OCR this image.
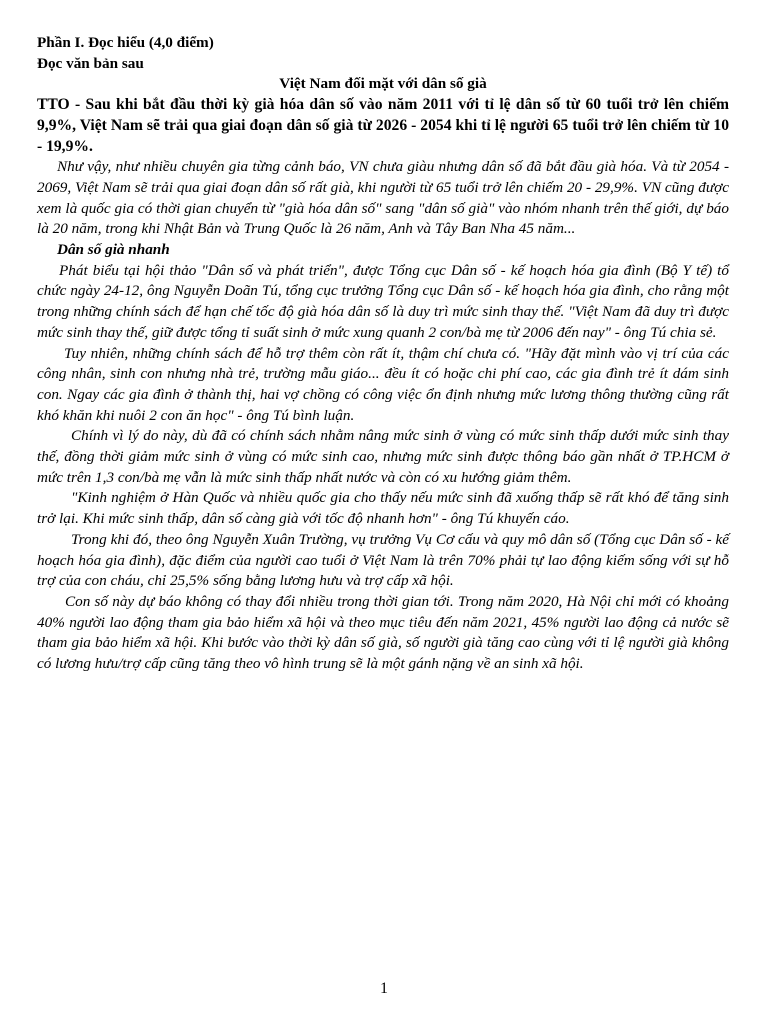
Phần I. Đọc hiểu (4,0 điểm)

Đọc văn bản sau

Việt Nam đối mặt với dân số già

TTO - Sau khi bắt đầu thời kỳ già hóa dân số vào năm 2011 với tỉ lệ dân số từ 60 tuổi trở lên chiếm 9,9%, Việt Nam sẽ trải qua giai đoạn dân số già từ 2026 - 2054 khi tỉ lệ người 65 tuổi trở lên chiếm từ 10 - 19,9%.

Như vậy, như nhiều chuyên gia từng cảnh báo, VN chưa giàu nhưng dân số đã bắt đầu già hóa. Và từ 2054 - 2069, Việt Nam sẽ trải qua giai đoạn dân số rất già, khi người từ 65 tuổi trở lên chiếm 20 - 29,9%. VN cũng được xem là quốc gia có thời gian chuyển từ "già hóa dân số" sang "dân số già" vào nhóm nhanh trên thế giới, dự báo là 20 năm, trong khi Nhật Bản và Trung Quốc là 26 năm, Anh và Tây Ban Nha 45 năm...

Dân số già nhanh

Phát biểu tại hội thảo "Dân số và phát triển", được Tổng cục Dân số - kế hoạch hóa gia đình (Bộ Y tế) tổ chức ngày 24-12, ông Nguyễn Doãn Tú, tổng cục trưởng Tổng cục Dân số - kế hoạch hóa gia đình, cho rằng một trong những chính sách để hạn chế tốc độ già hóa dân số là duy trì mức sinh thay thế. "Việt Nam đã duy trì được mức sinh thay thế, giữ được tổng tỉ suất sinh ở mức xung quanh 2 con/bà mẹ từ 2006 đến nay" - ông Tú chia sẻ.

Tuy nhiên, những chính sách để hỗ trợ thêm còn rất ít, thậm chí chưa có. "Hãy đặt mình vào vị trí của các công nhân, sinh con nhưng nhà trẻ, trường mẫu giáo... đều ít có hoặc chi phí cao, các gia đình trẻ ít dám sinh con. Ngay các gia đình ở thành thị, hai vợ chồng có công việc ổn định nhưng mức lương thông thường cũng rất khó khăn khi nuôi 2 con ăn học" - ông Tú bình luận.

Chính vì lý do này, dù đã có chính sách nhằm nâng mức sinh ở vùng có mức sinh thấp dưới mức sinh thay thế, đồng thời giảm mức sinh ở vùng có mức sinh cao, nhưng mức sinh được thông báo gần nhất ở TP.HCM ở mức trên 1,3 con/bà mẹ vẫn là mức sinh thấp nhất nước và còn có xu hướng giảm thêm.

"Kinh nghiệm ở Hàn Quốc và nhiều quốc gia cho thấy nếu mức sinh đã xuống thấp sẽ rất khó để tăng sinh trở lại. Khi mức sinh thấp, dân số càng già với tốc độ nhanh hơn" - ông Tú khuyến cáo.

Trong khi đó, theo ông Nguyễn Xuân Trường, vụ trưởng Vụ Cơ cấu và quy mô dân số (Tổng cục Dân số - kế hoạch hóa gia đình), đặc điểm của người cao tuổi ở Việt Nam là trên 70% phải tự lao động kiếm sống với sự hỗ trợ của con cháu, chỉ 25,5% sống bằng lương hưu và trợ cấp xã hội.

Con số này dự báo không có thay đổi nhiều trong thời gian tới. Trong năm 2020, Hà Nội chỉ mới có khoảng 40% người lao động tham gia bảo hiểm xã hội và theo mục tiêu đến năm 2021, 45% người lao động cả nước sẽ tham gia bảo hiểm xã hội. Khi bước vào thời kỳ dân số già, số người già tăng cao cùng với tỉ lệ người già không có lương hưu/trợ cấp cũng tăng theo vô hình trung sẽ là một gánh nặng về an sinh xã hội.

1
